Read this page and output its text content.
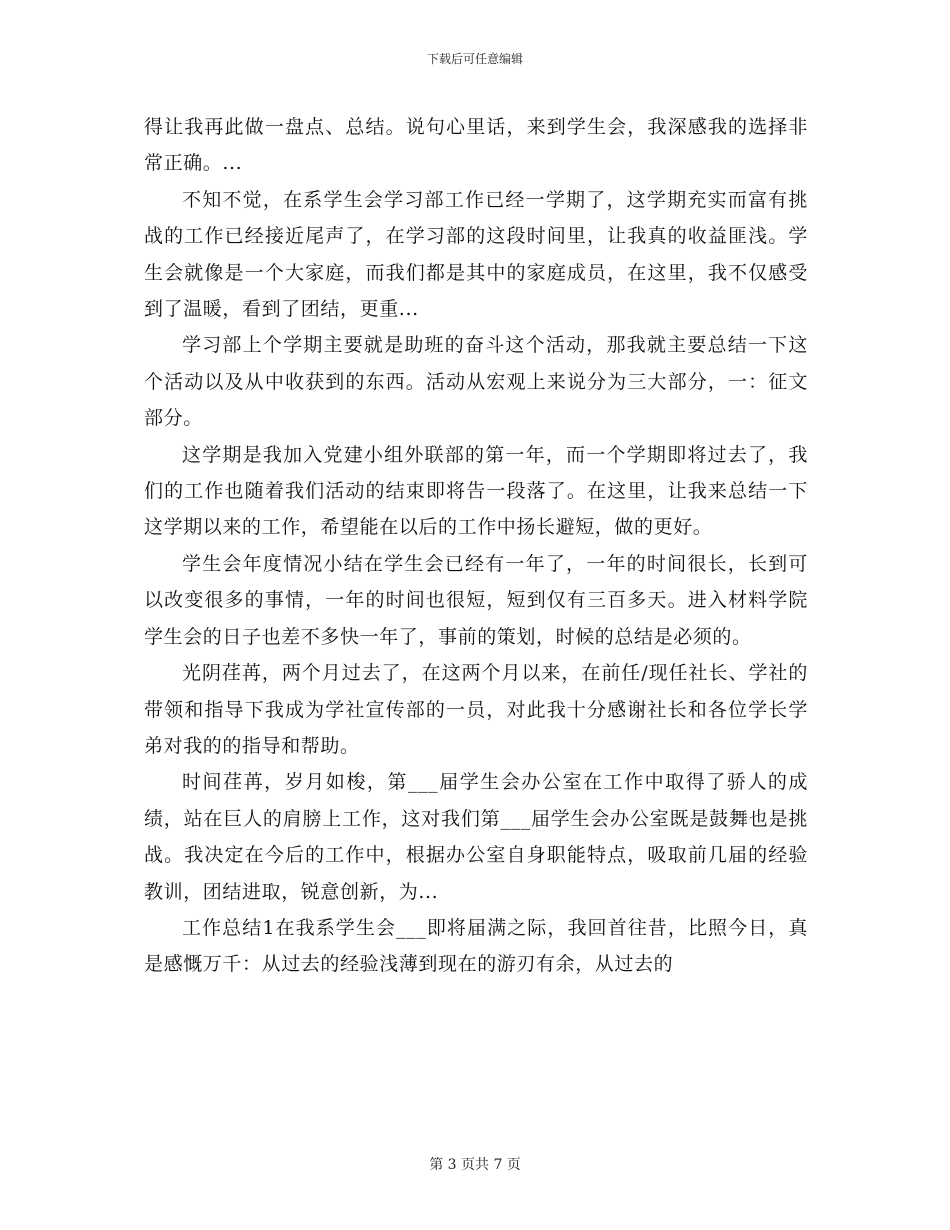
下载后可任意编辑

得让我再此做一盘点、总结。说句心里话，来到学生会，我深感我的选择非常正确。...

不知不觉，在系学生会学习部工作已经一学期了，这学期充实而富有挑战的工作已经接近尾声了，在学习部的这段时间里，让我真的收益匪浅。学生会就像是一个大家庭，而我们都是其中的家庭成员，在这里，我不仅感受到了温暖，看到了团结，更重...

学习部上个学期主要就是助班的奋斗这个活动，那我就主要总结一下这个活动以及从中收获到的东西。活动从宏观上来说分为三大部分，一：征文部分。

这学期是我加入党建小组外联部的第一年，而一个学期即将过去了，我们的工作也随着我们活动的结束即将告一段落了。在这里，让我来总结一下这学期以来的工作，希望能在以后的工作中扬长避短，做的更好。

学生会年度情况小结在学生会已经有一年了，一年的时间很长，长到可以改变很多的事情，一年的时间也很短，短到仅有三百多天。进入材料学院学生会的日子也差不多快一年了，事前的策划，时候的总结是必须的。

光阴荏苒，两个月过去了，在这两个月以来，在前任/现任社长、学社的带领和指导下我成为学社宣传部的一员，对此我十分感谢社长和各位学长学弟对我的的指导和帮助。

时间荏苒，岁月如梭，第___届学生会办公室在工作中取得了骄人的成绩，站在巨人的肩膀上工作，这对我们第___届学生会办公室既是鼓舞也是挑战。我决定在今后的工作中，根据办公室自身职能特点，吸取前几届的经验教训，团结进取，锐意创新，为...

工作总结1在我系学生会___即将届满之际，我回首往昔，比照今日，真是感慨万千：从过去的经验浅薄到现在的游刃有余，从过去的

第 3 页共 7 页
